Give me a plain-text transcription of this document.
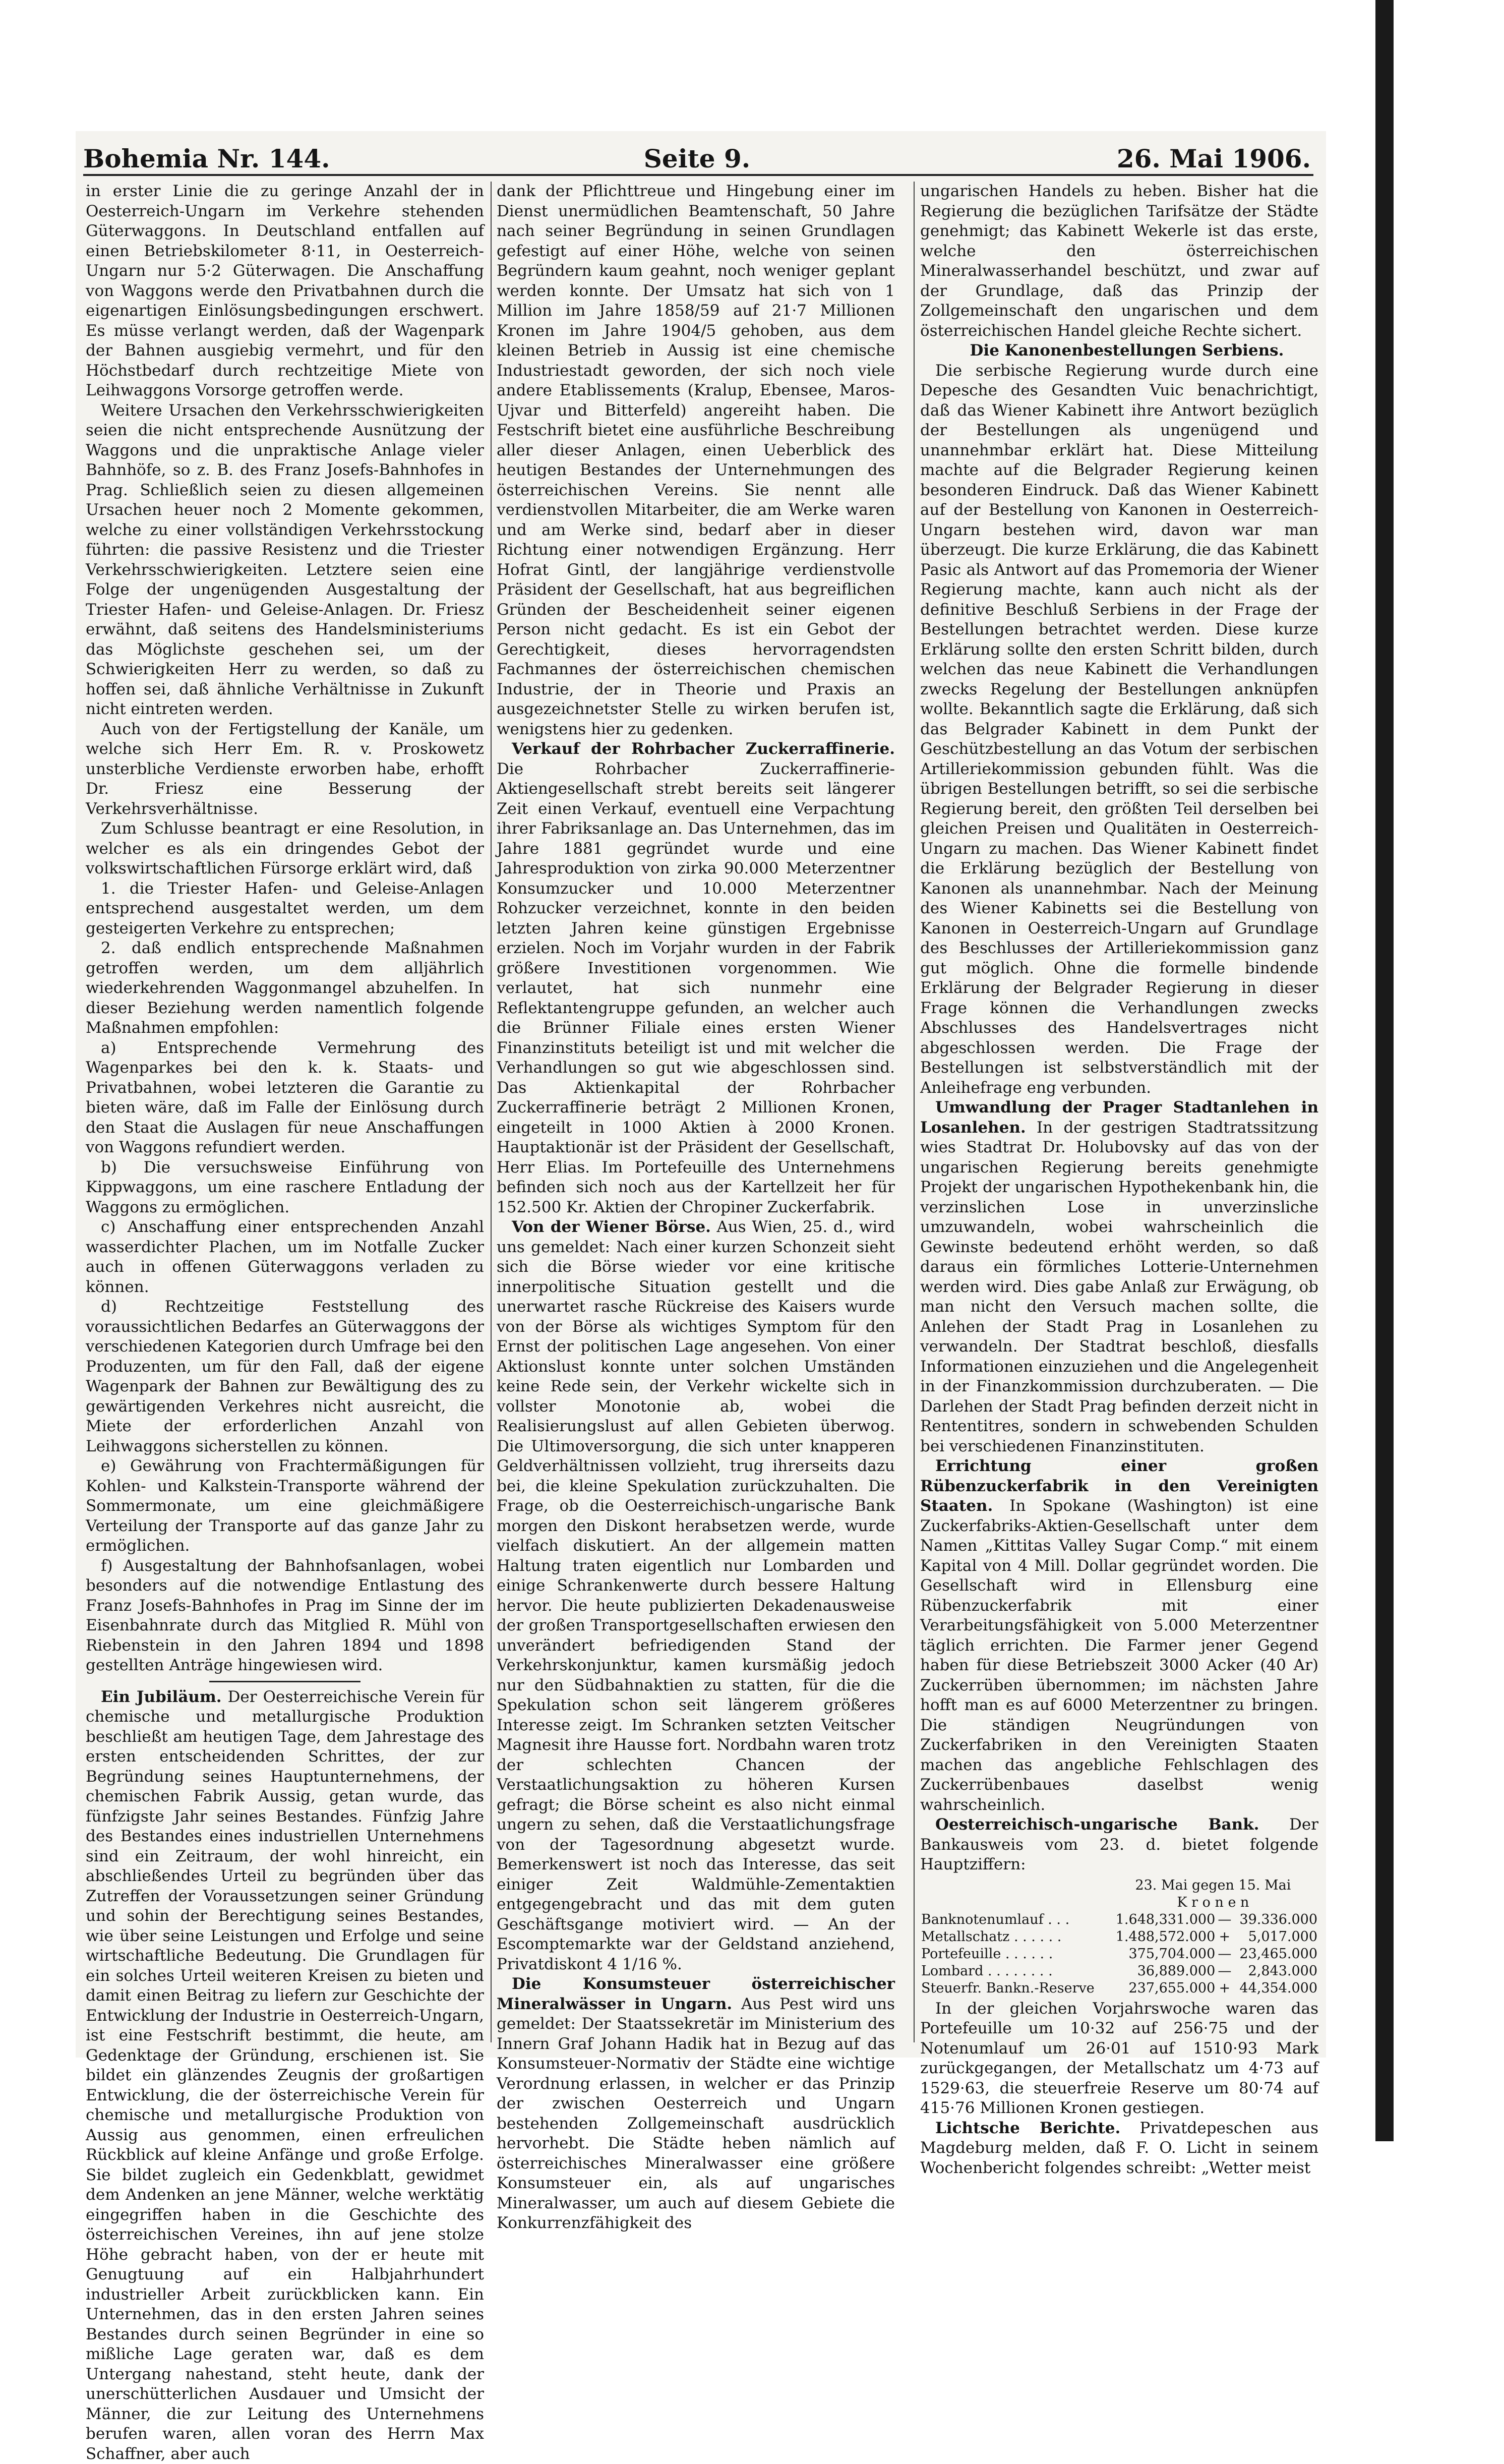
Bohemia Nr. 144.	Seite 9.	26. Mai 1906.

in erster Linie die zu geringe Anzahl der in Oesterreich-Ungarn im Verkehre stehenden Güterwaggons. In Deutschland entfallen auf einen Betriebskilometer 8·11, in Oesterreich-Ungarn nur 5·2 Güterwagen. Die Anschaffung von Waggons werde den Privatbahnen durch die eigenartigen Einlösungsbedingungen erschwert. Es müsse verlangt werden, daß der Wagenpark der Bahnen ausgiebig vermehrt, und für den Höchstbedarf durch rechtzeitige Miete von Leihwaggons Vorsorge getroffen werde.

Weitere Ursachen den Verkehrsschwierigkeiten seien die nicht entsprechende Ausnützung der Waggons und die unpraktische Anlage vieler Bahnhöfe, so z. B. des Franz Josefs-Bahnhofes in Prag. Schließlich seien zu diesen allgemeinen Ursachen heuer noch 2 Momente gekommen, welche zu einer vollständigen Verkehrsstockung führten: die passive Resistenz und die Triester Verkehrsschwierigkeiten. Letztere seien eine Folge der ungenügenden Ausgestaltung der Triester Hafen- und Geleise-Anlagen. Dr. Friesz erwähnt, daß seitens des Handelsministeriums das Möglichste geschehen sei, um der Schwierigkeiten Herr zu werden, so daß zu hoffen sei, daß ähnliche Verhältnisse in Zukunft nicht eintreten werden.

Auch von der Fertigstellung der Kanäle, um welche sich Herr Em. R. v. Proskowetz unsterbliche Verdienste erworben habe, erhofft Dr. Friesz eine Besserung der Verkehrsverhältnisse.

Zum Schlusse beantragt er eine Resolution, in welcher es als ein dringendes Gebot der volkswirtschaftlichen Fürsorge erklärt wird, daß

1. die Triester Hafen- und Geleise-Anlagen entsprechend ausgestaltet werden, um dem gesteigerten Verkehre zu entsprechen;

2. daß endlich entsprechende Maßnahmen getroffen werden, um dem alljährlich wiederkehrenden Waggonmangel abzuhelfen. In dieser Beziehung werden namentlich folgende Maßnahmen empfohlen:

a) Entsprechende Vermehrung des Wagenparkes bei den k. k. Staats- und Privatbahnen, wobei letzteren die Garantie zu bieten wäre, daß im Falle der Einlösung durch den Staat die Auslagen für neue Anschaffungen von Waggons refundiert werden.

b) Die versuchsweise Einführung von Kippwaggons, um eine raschere Entladung der Waggons zu ermöglichen.

c) Anschaffung einer entsprechenden Anzahl wasserdichter Plachen, um im Notfalle Zucker auch in offenen Güterwaggons verladen zu können.

d) Rechtzeitige Feststellung des voraussichtlichen Bedarfes an Güterwaggons der verschiedenen Kategorien durch Umfrage bei den Produzenten, um für den Fall, daß der eigene Wagenpark der Bahnen zur Bewältigung des zu gewärtigenden Verkehres nicht ausreicht, die Miete der erforderlichen Anzahl von Leihwaggons sicherstellen zu können.

e) Gewährung von Frachtermäßigungen für Kohlen- und Kalkstein-Transporte während der Sommermonate, um eine gleichmäßigere Verteilung der Transporte auf das ganze Jahr zu ermöglichen.

f) Ausgestaltung der Bahnhofsanlagen, wobei besonders auf die notwendige Entlastung des Franz Josefs-Bahnhofes in Prag im Sinne der im Eisenbahnrate durch das Mitglied R. Mühl von Riebenstein in den Jahren 1894 und 1898 gestellten Anträge hingewiesen wird.

Ein Jubiläum. Der Oesterreichische Verein für chemische und metallurgische Produktion beschließt am heutigen Tage, dem Jahrestage des ersten entscheidenden Schrittes, der zur Begründung seines Hauptunternehmens, der chemischen Fabrik Aussig, getan wurde, das fünfzigste Jahr seines Bestandes. Fünfzig Jahre des Bestandes eines industriellen Unternehmens sind ein Zeitraum, der wohl hinreicht, ein abschließendes Urteil zu begründen über das Zutreffen der Voraussetzungen seiner Gründung und sohin der Berechtigung seines Bestandes, wie über seine Leistungen und Erfolge und seine wirtschaftliche Bedeutung. Die Grundlagen für ein solches Urteil weiteren Kreisen zu bieten und damit einen Beitrag zu liefern zur Geschichte der Entwicklung der Industrie in Oesterreich-Ungarn, ist eine Festschrift bestimmt, die heute, am Gedenktage der Gründung, erschienen ist. Sie bildet ein glänzendes Zeugnis der großartigen Entwicklung, die der österreichische Verein für chemische und metallurgische Produktion von Aussig aus genommen, einen erfreulichen Rückblick auf kleine Anfänge und große Erfolge. Sie bildet zugleich ein Gedenkblatt, gewidmet dem Andenken an jene Männer, welche werktätig eingegriffen haben in die Geschichte des österreichischen Vereines, ihn auf jene stolze Höhe gebracht haben, von der er heute mit Genugtuung auf ein Halbjahrhundert industrieller Arbeit zurückblicken kann. Ein Unternehmen, das in den ersten Jahren seines Bestandes durch seinen Begründer in eine so mißliche Lage geraten war, daß es dem Untergang nahestand, steht heute, dank der unerschütterlichen Ausdauer und Umsicht der Männer, die zur Leitung des Unternehmens berufen waren, allen voran des Herrn Max Schaffner, aber auch

dank der Pflichttreue und Hingebung einer im Dienst unermüdlichen Beamtenschaft, 50 Jahre nach seiner Begründung in seinen Grundlagen gefestigt auf einer Höhe, welche von seinen Begründern kaum geahnt, noch weniger geplant werden konnte. Der Umsatz hat sich von 1 Million im Jahre 1858/59 auf 21·7 Millionen Kronen im Jahre 1904/5 gehoben, aus dem kleinen Betrieb in Aussig ist eine chemische Industriestadt geworden, der sich noch viele andere Etablissements (Kralup, Ebensee, Maros-Ujvar und Bitterfeld) angereiht haben. Die Festschrift bietet eine ausführliche Beschreibung aller dieser Anlagen, einen Ueberblick des heutigen Bestandes der Unternehmungen des österreichischen Vereins. Sie nennt alle verdienstvollen Mitarbeiter, die am Werke waren und am Werke sind, bedarf aber in dieser Richtung einer notwendigen Ergänzung. Herr Hofrat Gintl, der langjährige verdienstvolle Präsident der Gesellschaft, hat aus begreiflichen Gründen der Bescheidenheit seiner eigenen Person nicht gedacht. Es ist ein Gebot der Gerechtigkeit, dieses hervorragendsten Fachmannes der österreichischen chemischen Industrie, der in Theorie und Praxis an ausgezeichnetster Stelle zu wirken berufen ist, wenigstens hier zu gedenken.

Verkauf der Rohrbacher Zuckerraffinerie. Die Rohrbacher Zuckerraffinerie-Aktiengesellschaft strebt bereits seit längerer Zeit einen Verkauf, eventuell eine Verpachtung ihrer Fabriksanlage an. Das Unternehmen, das im Jahre 1881 gegründet wurde und eine Jahresproduktion von zirka 90.000 Meterzentner Konsumzucker und 10.000 Meterzentner Rohzucker verzeichnet, konnte in den beiden letzten Jahren keine günstigen Ergebnisse erzielen. Noch im Vorjahr wurden in der Fabrik größere Investitionen vorgenommen. Wie verlautet, hat sich nunmehr eine Reflektantengruppe gefunden, an welcher auch die Brünner Filiale eines ersten Wiener Finanzinstituts beteiligt ist und mit welcher die Verhandlungen so gut wie abgeschlossen sind. Das Aktienkapital der Rohrbacher Zuckerraffinerie beträgt 2 Millionen Kronen, eingeteilt in 1000 Aktien à 2000 Kronen. Hauptaktionär ist der Präsident der Gesellschaft, Herr Elias. Im Portefeuille des Unternehmens befinden sich noch aus der Kartellzeit her für 152.500 Kr. Aktien der Chropiner Zuckerfabrik.

Von der Wiener Börse. Aus Wien, 25. d., wird uns gemeldet: Nach einer kurzen Schonzeit sieht sich die Börse wieder vor eine kritische innerpolitische Situation gestellt und die unerwartet rasche Rückreise des Kaisers wurde von der Börse als wichtiges Symptom für den Ernst der politischen Lage angesehen. Von einer Aktionslust konnte unter solchen Umständen keine Rede sein, der Verkehr wickelte sich in vollster Monotonie ab, wobei die Realisierungslust auf allen Gebieten überwog. Die Ultimoversorgung, die sich unter knapperen Geldverhältnissen vollzieht, trug ihrerseits dazu bei, die kleine Spekulation zurückzuhalten. Die Frage, ob die Oesterreichisch-ungarische Bank morgen den Diskont herabsetzen werde, wurde vielfach diskutiert. An der allgemein matten Haltung traten eigentlich nur Lombarden und einige Schrankenwerte durch bessere Haltung hervor. Die heute publizierten Dekadenausweise der großen Transportgesellschaften erwiesen den unverändert befriedigenden Stand der Verkehrskonjunktur, kamen kursmäßig jedoch nur den Südbahnaktien zu statten, für die die Spekulation schon seit längerem größeres Interesse zeigt. Im Schranken setzten Veitscher Magnesit ihre Hausse fort. Nordbahn waren trotz der schlechten Chancen der Verstaatlichungsaktion zu höheren Kursen gefragt; die Börse scheint es also nicht einmal ungern zu sehen, daß die Verstaatlichungsfrage von der Tagesordnung abgesetzt wurde. Bemerkenswert ist noch das Interesse, das seit einiger Zeit Waldmühle-Zementaktien entgegengebracht und das mit dem guten Geschäftsgange motiviert wird. — An der Escomptemarkte war der Geldstand anziehend, Privatdiskont 4 1/16 %.

Die Konsumsteuer österreichischer Mineralwässer in Ungarn. Aus Pest wird uns gemeldet: Der Staatssekretär im Ministerium des Innern Graf Johann Hadik hat in Bezug auf das Konsumsteuer-Normativ der Städte eine wichtige Verordnung erlassen, in welcher er das Prinzip der zwischen Oesterreich und Ungarn bestehenden Zollgemeinschaft ausdrücklich hervorhebt. Die Städte heben nämlich auf österreichisches Mineralwasser eine größere Konsumsteuer ein, als auf ungarisches Mineralwasser, um auch auf diesem Gebiete die Konkurrenzfähigkeit des

ungarischen Handels zu heben. Bisher hat die Regierung die bezüglichen Tarifsätze der Städte genehmigt; das Kabinett Wekerle ist das erste, welche den österreichischen Mineralwasserhandel beschützt, und zwar auf der Grundlage, daß das Prinzip der Zollgemeinschaft den ungarischen und dem österreichischen Handel gleiche Rechte sichert.

Die Kanonenbestellungen Serbiens.

Die serbische Regierung wurde durch eine Depesche des Gesandten Vuic benachrichtigt, daß das Wiener Kabinett ihre Antwort bezüglich der Bestellungen als ungenügend und unannehmbar erklärt hat. Diese Mitteilung machte auf die Belgrader Regierung keinen besonderen Eindruck. Daß das Wiener Kabinett auf der Bestellung von Kanonen in Oesterreich-Ungarn bestehen wird, davon war man überzeugt. Die kurze Erklärung, die das Kabinett Pasic als Antwort auf das Promemoria der Wiener Regierung machte, kann auch nicht als der definitive Beschluß Serbiens in der Frage der Bestellungen betrachtet werden. Diese kurze Erklärung sollte den ersten Schritt bilden, durch welchen das neue Kabinett die Verhandlungen zwecks Regelung der Bestellungen anknüpfen wollte. Bekanntlich sagte die Erklärung, daß sich das Belgrader Kabinett in dem Punkt der Geschützbestellung an das Votum der serbischen Artilleriekommission gebunden fühlt. Was die übrigen Bestellungen betrifft, so sei die serbische Regierung bereit, den größten Teil derselben bei gleichen Preisen und Qualitäten in Oesterreich-Ungarn zu machen. Das Wiener Kabinett findet die Erklärung bezüglich der Bestellung von Kanonen als unannehmbar. Nach der Meinung des Wiener Kabinetts sei die Bestellung von Kanonen in Oesterreich-Ungarn auf Grundlage des Beschlusses der Artilleriekommission ganz gut möglich. Ohne die formelle bindende Erklärung der Belgrader Regierung in dieser Frage können die Verhandlungen zwecks Abschlusses des Handelsvertrages nicht abgeschlossen werden. Die Frage der Bestellungen ist selbstverständlich mit der Anleihefrage eng verbunden.

Umwandlung der Prager Stadtanlehen in Losanlehen. In der gestrigen Stadtratssitzung wies Stadtrat Dr. Holubovsky auf das von der ungarischen Regierung bereits genehmigte Projekt der ungarischen Hypothekenbank hin, die verzinslichen Lose in unverzinsliche umzuwandeln, wobei wahrscheinlich die Gewinste bedeutend erhöht werden, so daß daraus ein förmliches Lotterie-Unternehmen werden wird. Dies gabe Anlaß zur Erwägung, ob man nicht den Versuch machen sollte, die Anlehen der Stadt Prag in Losanlehen zu verwandeln. Der Stadtrat beschloß, diesfalls Informationen einzuziehen und die Angelegenheit in der Finanzkommission durchzuberaten. — Die Darlehen der Stadt Prag befinden derzeit nicht in Rententitres, sondern in schwebenden Schulden bei verschiedenen Finanzinstituten.

Errichtung einer großen Rübenzuckerfabrik in den Vereinigten Staaten. In Spokane (Washington) ist eine Zuckerfabriks-Aktien-Gesellschaft unter dem Namen „Kittitas Valley Sugar Comp.“ mit einem Kapital von 4 Mill. Dollar gegründet worden. Die Gesellschaft wird in Ellensburg eine Rübenzuckerfabrik mit einer Verarbeitungsfähigkeit von 5.000 Meterzentner täglich errichten. Die Farmer jener Gegend haben für diese Betriebszeit 3000 Acker (40 Ar) Zuckerrüben übernommen; im nächsten Jahre hofft man es auf 6000 Meterzentner zu bringen. Die ständigen Neugründungen von Zuckerfabriken in den Vereinigten Staaten machen das angebliche Fehlschlagen des Zuckerrübenbaues daselbst wenig wahrscheinlich.

Oesterreichisch-ungarische Bank. Der Bankausweis vom 23. d. bietet folgende Hauptziffern:

	23. Mai gegen 15. Mai		
	K r o n e n		
Banknotenumlauf . . .	1.648,331.000	—	39.336.000
Metallschatz . . . . . .	1.488,572.000	+	5,017.000
Portefeuille . . . . . .	375,704.000	—	23,465.000
Lombard . . . . . . . .	36,889.000	—	2,843.000
Steuerfr. Bankn.-Reserve	237,655.000	+	44,354.000

In der gleichen Vorjahrswoche waren das Portefeuille um 10·32 auf 256·75 und der Notenumlauf um 26·01 auf 1510·93 Mark zurückgegangen, der Metallschatz um 4·73 auf 1529·63, die steuerfreie Reserve um 80·74 auf 415·76 Millionen Kronen gestiegen.

Lichtsche Berichte. Privatdepeschen aus Magdeburg melden, daß F. O. Licht in seinem Wochenbericht folgendes schreibt: „Wetter meist
